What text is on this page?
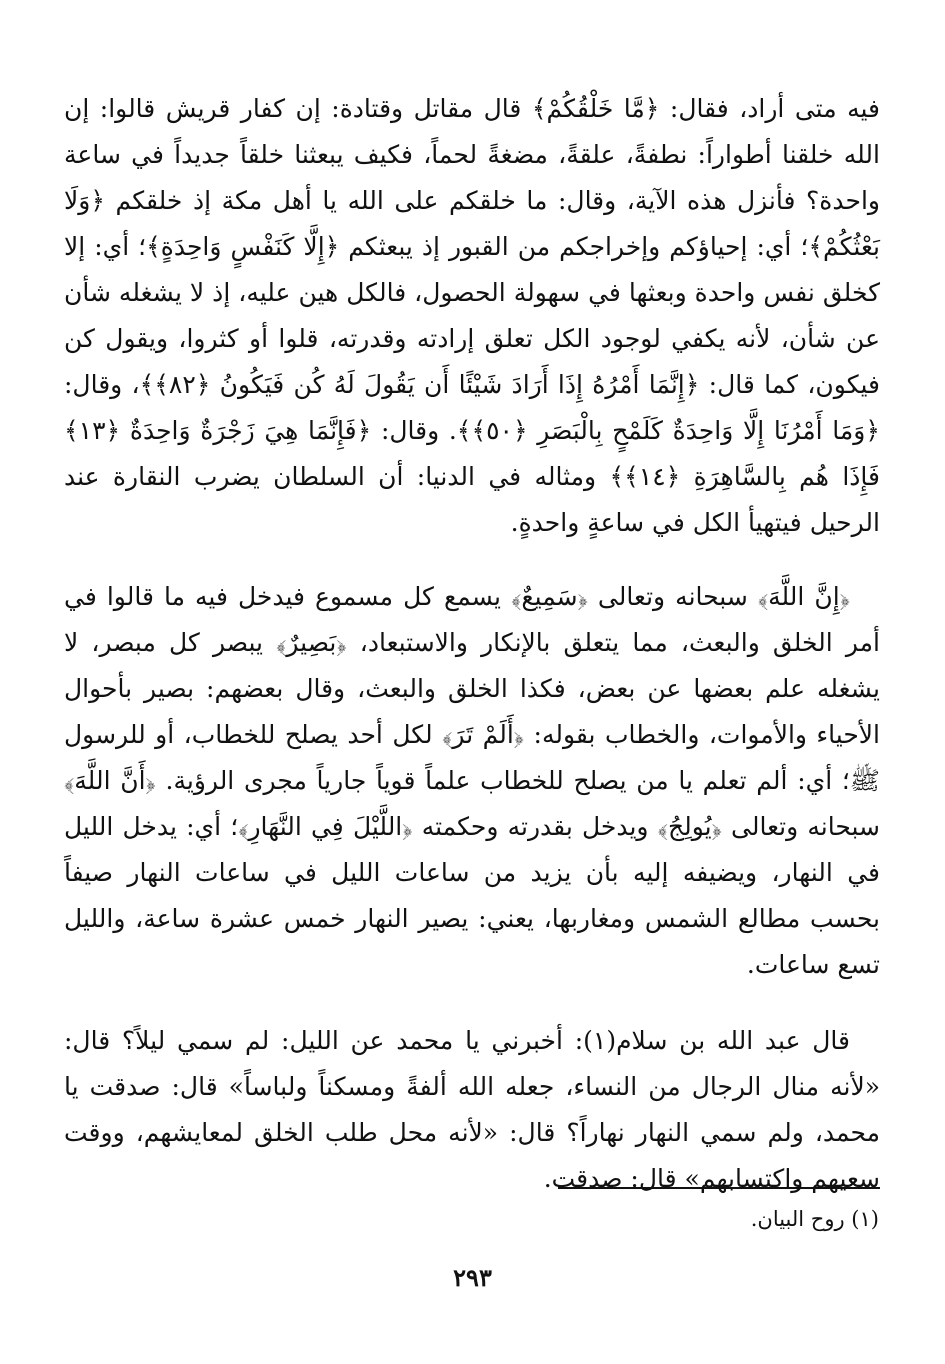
فيه متى أراد، فقال: ﴿مَّا خَلْقُكُمْ﴾ قال مقاتل وقتادة: إن كفار قريش قالوا: إن الله خلقنا أطواراً: نطفةً، علقةً، مضغةً لحماً، فكيف يبعثنا خلقاً جديداً في ساعة واحدة؟ فأنزل هذه الآية، وقال: ما خلقكم على الله يا أهل مكة إذ خلقكم ﴿وَلَا بَعْثُكُمْ﴾؛ أي: إحياؤكم وإخراجكم من القبور إذ يبعثكم ﴿إِلَّا كَنَفْسٍ وَاحِدَةٍ﴾؛ أي: إلا كخلق نفس واحدة وبعثها في سهولة الحصول، فالكل هين عليه، إذ لا يشغله شأن عن شأن، لأنه يكفي لوجود الكل تعلق إرادته وقدرته، قلوا أو كثروا، ويقول كن فيكون، كما قال: ﴿إِنَّمَا أَمْرُهُ إِذَا أَرَادَ شَيْئًا أَن يَقُولَ لَهُ كُن فَيَكُونُ ﴿٨٢﴾﴾، وقال: ﴿وَمَا أَمْرُنَا إِلَّا وَاحِدَةٌ كَلَمْحٍ بِالْبَصَرِ ﴿٥٠﴾﴾. وقال: ﴿فَإِنَّمَا هِيَ زَجْرَةٌ وَاحِدَةٌ ﴿١٣﴾ فَإِذَا هُم بِالسَّاهِرَةِ ﴿١٤﴾﴾ ومثاله في الدنيا: أن السلطان يضرب النقارة عند الرحيل فيتهيأ الكل في ساعةٍ واحدةٍ.

﴿إِنَّ اللَّهَ﴾ سبحانه وتعالى ﴿سَمِيعٌ﴾ يسمع كل مسموع فيدخل فيه ما قالوا في أمر الخلق والبعث، مما يتعلق بالإنكار والاستبعاد، ﴿بَصِيرٌ﴾ يبصر كل مبصر، لا يشغله علم بعضها عن بعض، فكذا الخلق والبعث، وقال بعضهم: بصير بأحوال الأحياء والأموات، والخطاب بقوله: ﴿أَلَمْ تَرَ﴾ لكل أحد يصلح للخطاب، أو للرسول ﷺ؛ أي: ألم تعلم يا من يصلح للخطاب علماً قوياً جارياً مجرى الرؤية. ﴿أَنَّ اللَّهَ﴾ سبحانه وتعالى ﴿يُولِجُ﴾ ويدخل بقدرته وحكمته ﴿اللَّيْلَ فِي النَّهَارِ﴾؛ أي: يدخل الليل في النهار، ويضيفه إليه بأن يزيد من ساعات الليل في ساعات النهار صيفاً بحسب مطالع الشمس ومغاربها، يعني: يصير النهار خمس عشرة ساعة، والليل تسع ساعات.

قال عبد الله بن سلام(١): أخبرني يا محمد عن الليل: لم سمي ليلاً؟ قال: «لأنه منال الرجال من النساء، جعله الله ألفةً ومسكناً ولباساً» قال: صدقت يا محمد، ولم سمي النهار نهاراً؟ قال: «لأنه محل طلب الخلق لمعايشهم، ووقت سعيهم واكتسابهم» قال: صدقت.

(١) روح البيان.
٢٩٣
